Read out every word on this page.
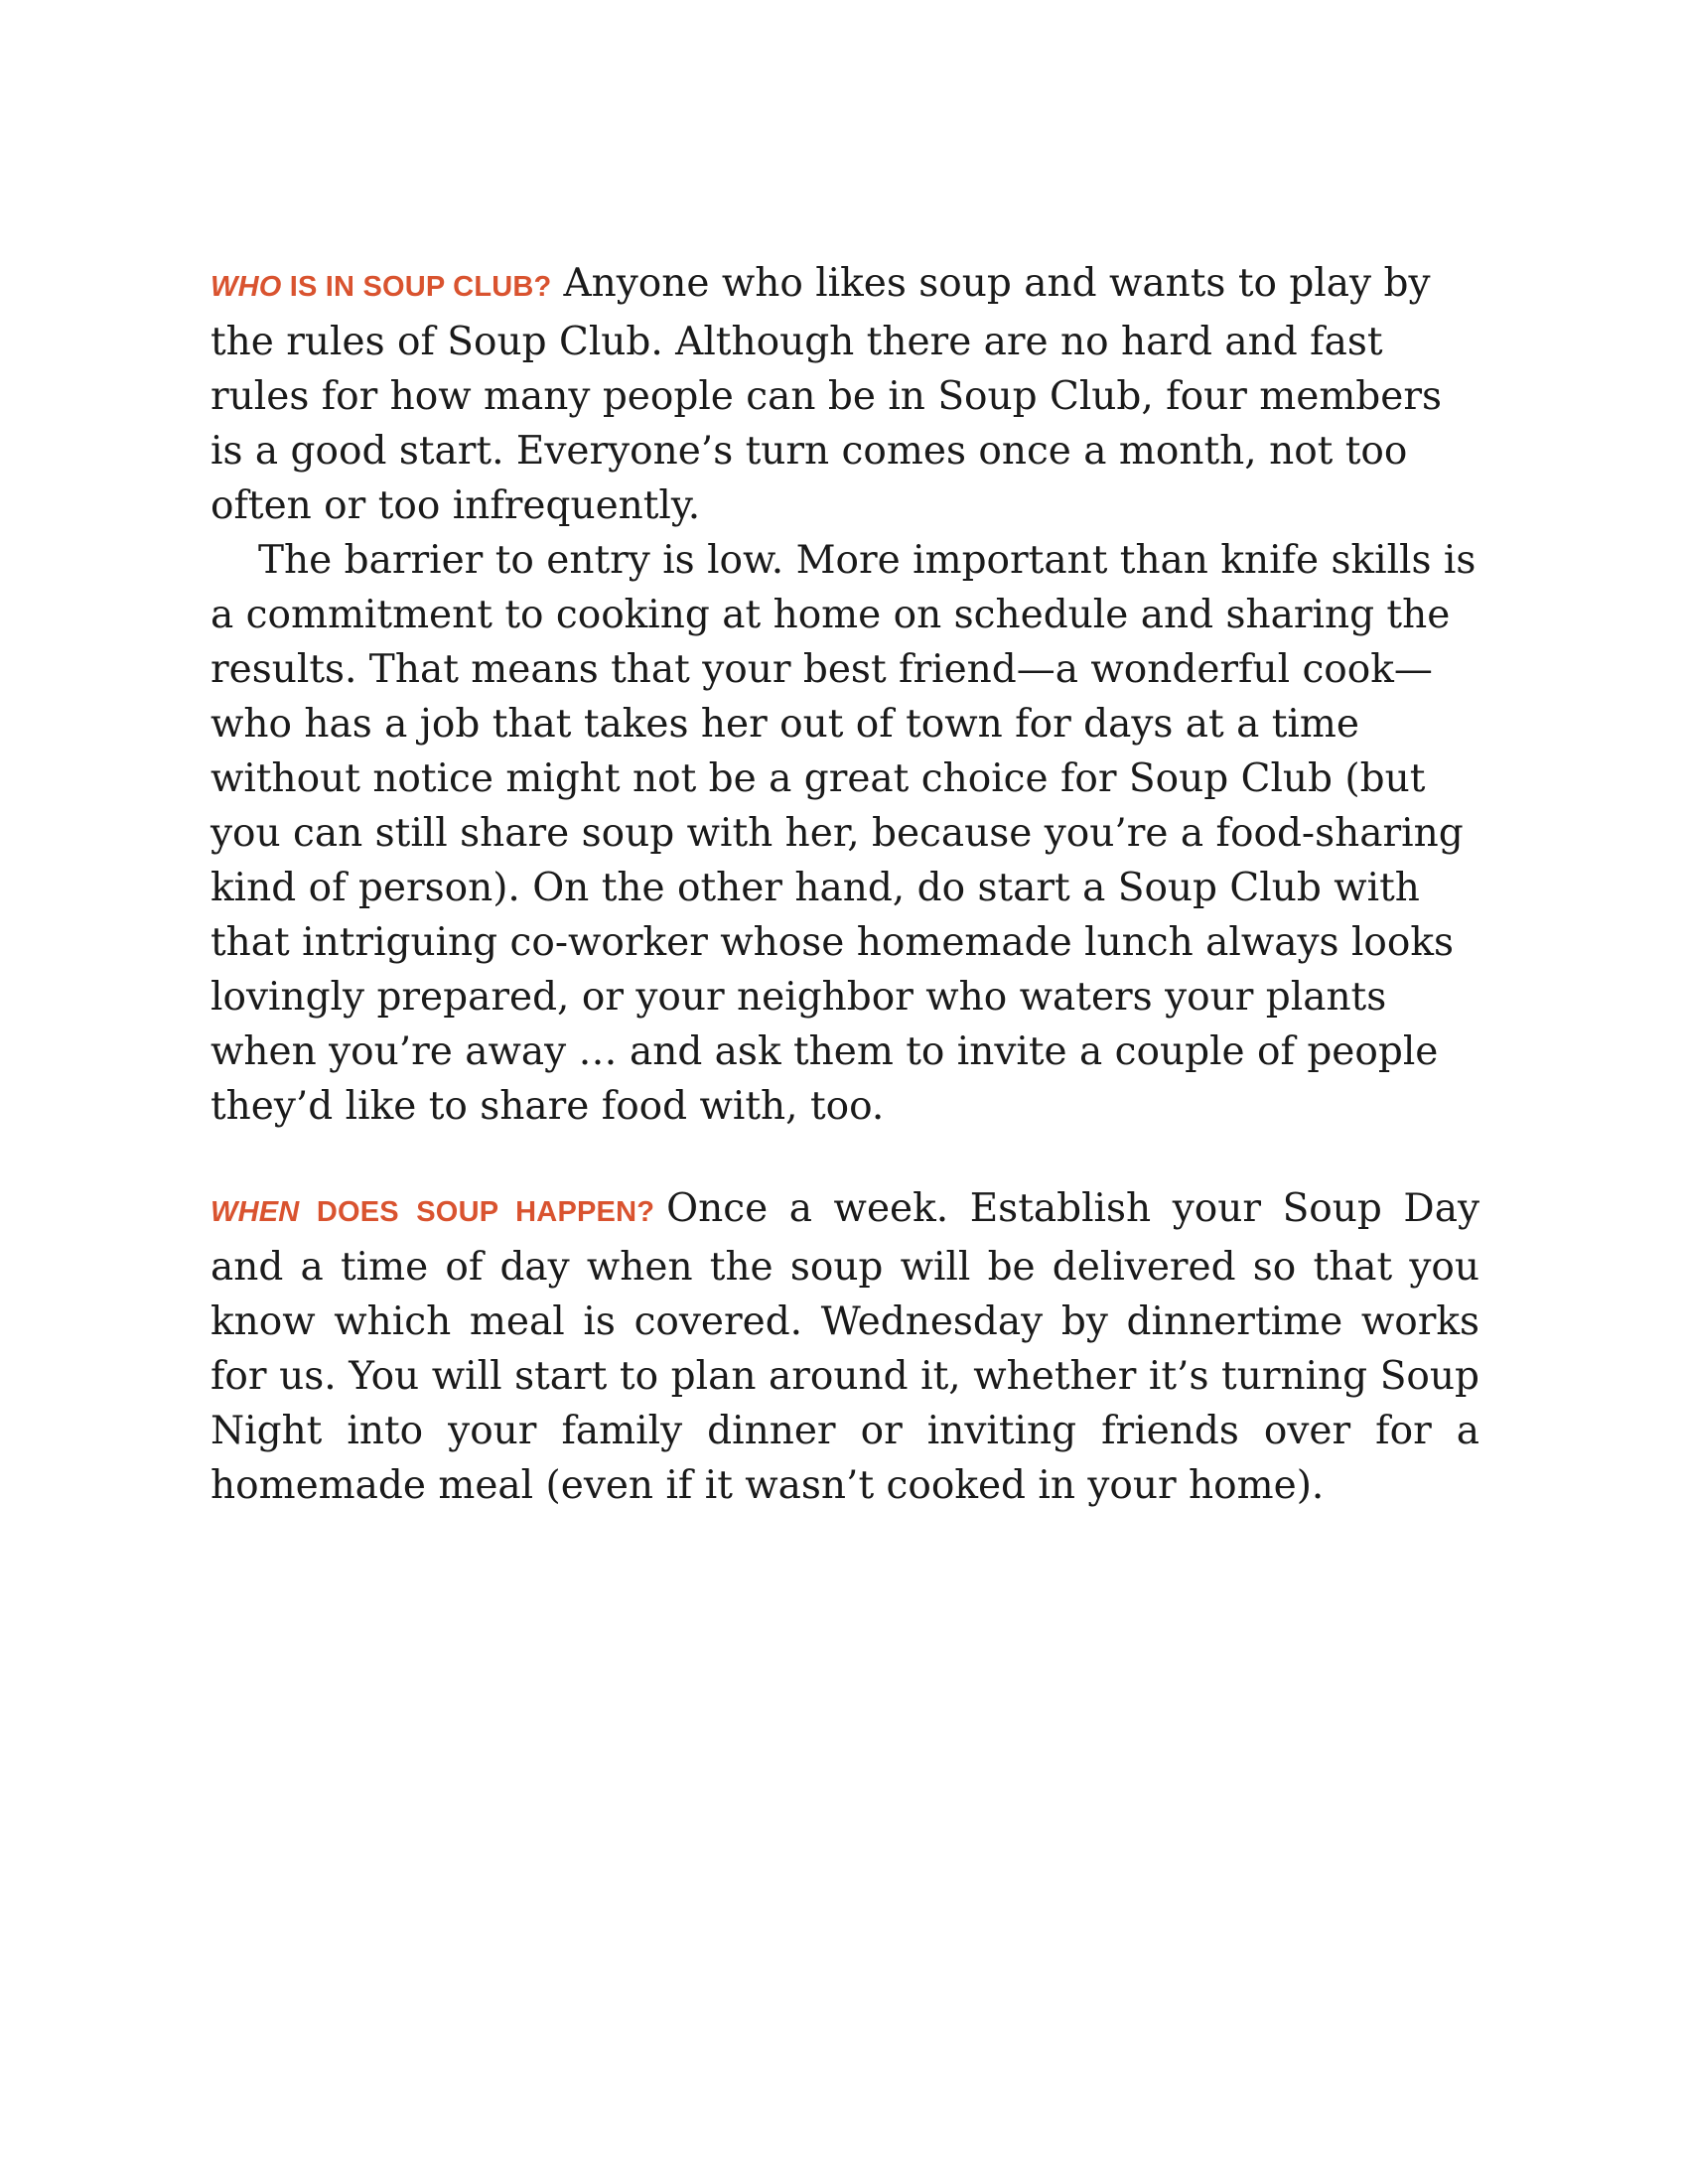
WHO IS IN SOUP CLUB? Anyone who likes soup and wants to play by the rules of Soup Club. Although there are no hard and fast rules for how many people can be in Soup Club, four members is a good start. Everyone’s turn comes once a month, not too often or too infrequently.

The barrier to entry is low. More important than knife skills is a commitment to cooking at home on schedule and sharing the results. That means that your best friend—a wonderful cook—who has a job that takes her out of town for days at a time without notice might not be a great choice for Soup Club (but you can still share soup with her, because you’re a food-sharing kind of person). On the other hand, do start a Soup Club with that intriguing co-worker whose homemade lunch always looks lovingly prepared, or your neighbor who waters your plants when you’re away … and ask them to invite a couple of people they’d like to share food with, too.

WHEN DOES SOUP HAPPEN? Once a week. Establish your Soup Day and a time of day when the soup will be delivered so that you know which meal is covered. Wednesday by dinnertime works for us. You will start to plan around it, whether it’s turning Soup Night into your family dinner or inviting friends over for a homemade meal (even if it wasn’t cooked in your home).
